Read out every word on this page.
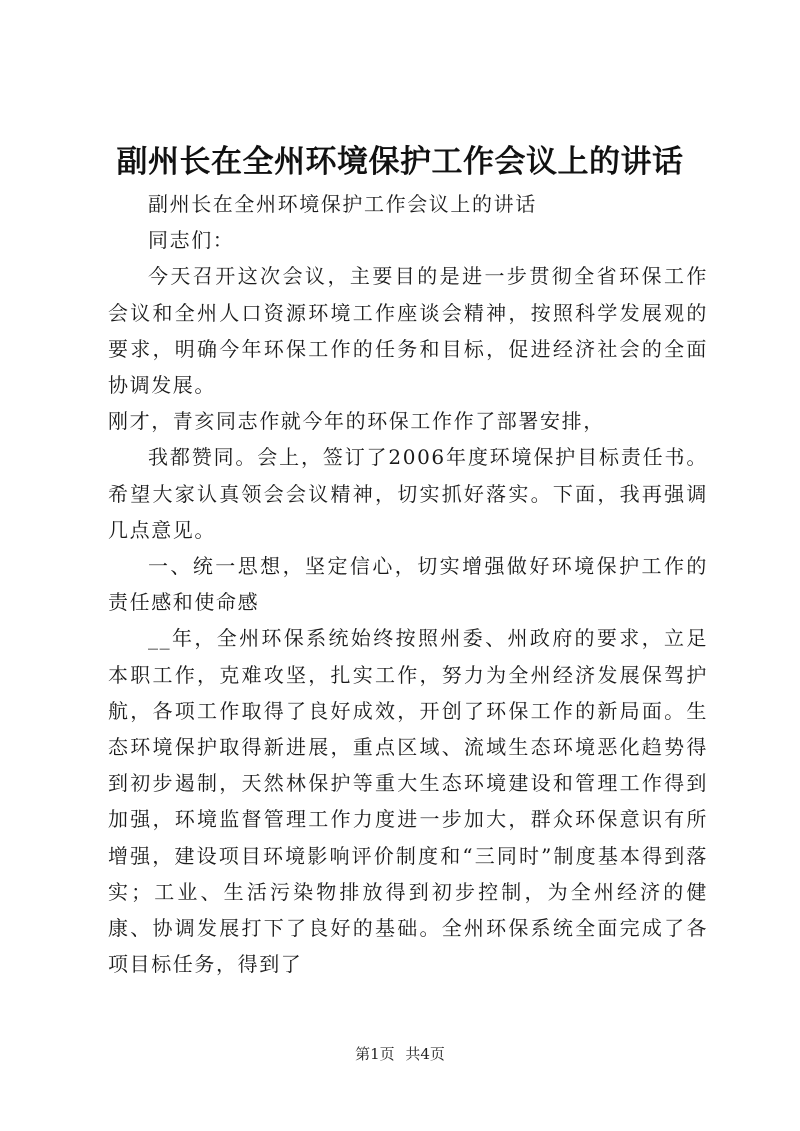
副州长在全州环境保护工作会议上的讲话

副州长在全州环境保护工作会议上的讲话

同志们：

今天召开这次会议，主要目的是进一步贯彻全省环保工作会议和全州人口资源环境工作座谈会精神，按照科学发展观的要求，明确今年环保工作的任务和目标，促进经济社会的全面协调发展。

刚才，青亥同志作就今年的环保工作作了部署安排，

我都赞同。会上，签订了2006年度环境保护目标责任书。希望大家认真领会会议精神，切实抓好落实。下面，我再强调几点意见。

一、统一思想，坚定信心，切实增强做好环境保护工作的责任感和使命感

__年，全州环保系统始终按照州委、州政府的要求，立足本职工作，克难攻坚，扎实工作，努力为全州经济发展保驾护航，各项工作取得了良好成效，开创了环保工作的新局面。生态环境保护取得新进展，重点区域、流域生态环境恶化趋势得到初步遏制，天然林保护等重大生态环境建设和管理工作得到加强，环境监督管理工作力度进一步加大，群众环保意识有所增强，建设项目环境影响评价制度和“三同时”制度基本得到落实；工业、生活污染物排放得到初步控制，为全州经济的健康、协调发展打下了良好的基础。全州环保系统全面完成了各项目标任务，得到了

第1页 共4页
